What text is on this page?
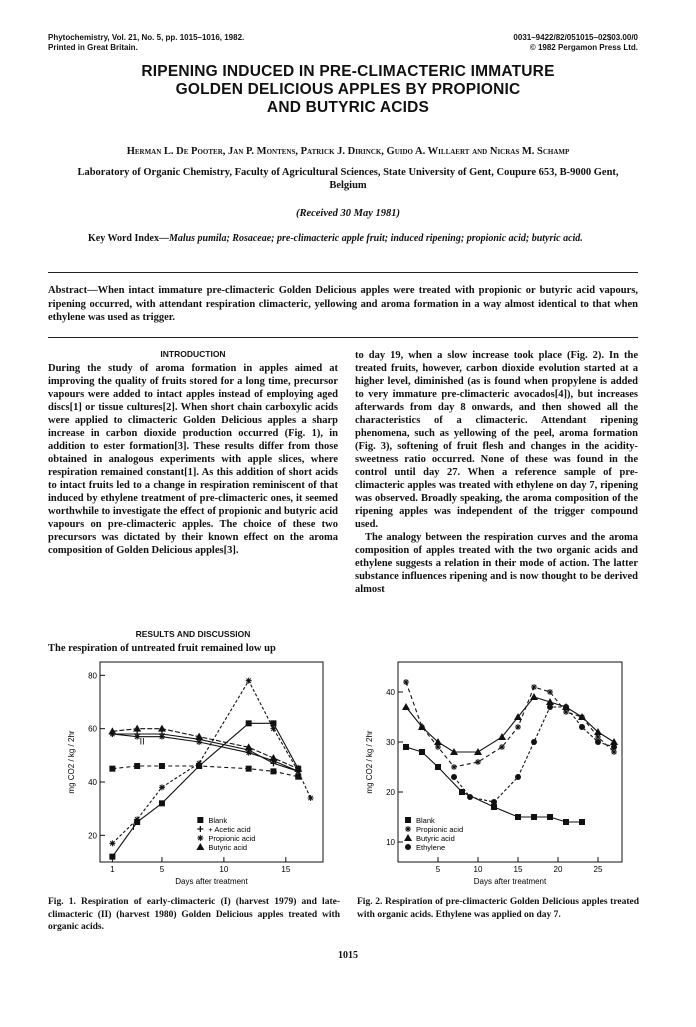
Phytochemistry, Vol. 21, No. 5, pp. 1015–1016, 1982.
Printed in Great Britain.
0031–9422/82/051015–02$03.00/0
© 1982 Pergamon Press Ltd.
RIPENING INDUCED IN PRE-CLIMACTERIC IMMATURE
GOLDEN DELICIOUS APPLES BY PROPIONIC
AND BUTYRIC ACIDS
Herman L. De Pooter, Jan P. Montens, Patrick J. Dirinck, Guido A. Willaert and Nicras M. Schamp
Laboratory of Organic Chemistry, Faculty of Agricultural Sciences, State University of Gent, Coupure 653, B-9000 Gent,
Belgium
(Received 30 May 1981)
Key Word Index—Malus pumila; Rosaceae; pre-climacteric apple fruit; induced ripening; propionic acid; butyric acid.
Abstract—When intact immature pre-climacteric Golden Delicious apples were treated with propionic or butyric acid vapours, ripening occurred, with attendant respiration climacteric, yellowing and aroma formation in a way almost identical to that when ethylene was used as trigger.
INTRODUCTION
During the study of aroma formation in apples aimed at improving the quality of fruits stored for a long time, precursor vapours were added to intact apples instead of employing aged discs[1] or tissue cultures[2]. When short chain carboxylic acids were applied to climacteric Golden Delicious apples a sharp increase in carbon dioxide production occurred (Fig. 1), in addition to ester formation[3]. These results differ from those obtained in analogous experiments with apple slices, where respiration remained constant[1]. As this addition of short acids to intact fruits led to a change in respiration reminiscent of that induced by ethylene treatment of pre-climacteric ones, it seemed worthwhile to investigate the effect of propionic and butyric acid vapours on pre-climacteric apples. The choice of these two precursors was dictated by their known effect on the aroma composition of Golden Delicious apples[3].
RESULTS AND DISCUSSION
The respiration of untreated fruit remained low up

to day 19, when a slow increase took place (Fig. 2). In the treated fruits, however, carbon dioxide evolution started at a higher level, diminished (as is found when propylene is added to very immature pre-climacteric avocados[4]), but increases afterwards from day 8 onwards, and then showed all the characteristics of a climacteric. Attendant ripening phenomena, such as yellowing of the peel, aroma formation (Fig. 3), softening of fruit flesh and changes in the acidity-sweetness ratio occurred. None of these was found in the control until day 27. When a reference sample of pre-climacteric apples was treated with ethylene on day 7, ripening was observed. Broadly speaking, the aroma composition of the ripening apples was independent of the trigger compound used.

The analogy between the respiration curves and the aroma composition of apples treated with the two organic acids and ethylene suggests a relation in their mode of action. The latter substance influences ripening and is now thought to be derived almost

20
40
60
80
1	5	10	15
Days after treatment
mg CO2 / kg / 2hr
Blank
+ Acetic acid
Propionic acid
Butyric acid
I
II
Fig. 1. Respiration of early-climacteric (I) (harvest 1979) and late-climacteric (II) (harvest 1980) Golden Delicious apples treated with organic acids.
10
20
30
40
5	10	15	20	25
Days after treatment
mg CO2 / kg / 2hr
Blank
Propionic acid
Butyric acid
Ethylene
Fig. 2. Respiration of pre-climacteric Golden Delicious apples treated with organic acids. Ethylene was applied on day 7.
1015
